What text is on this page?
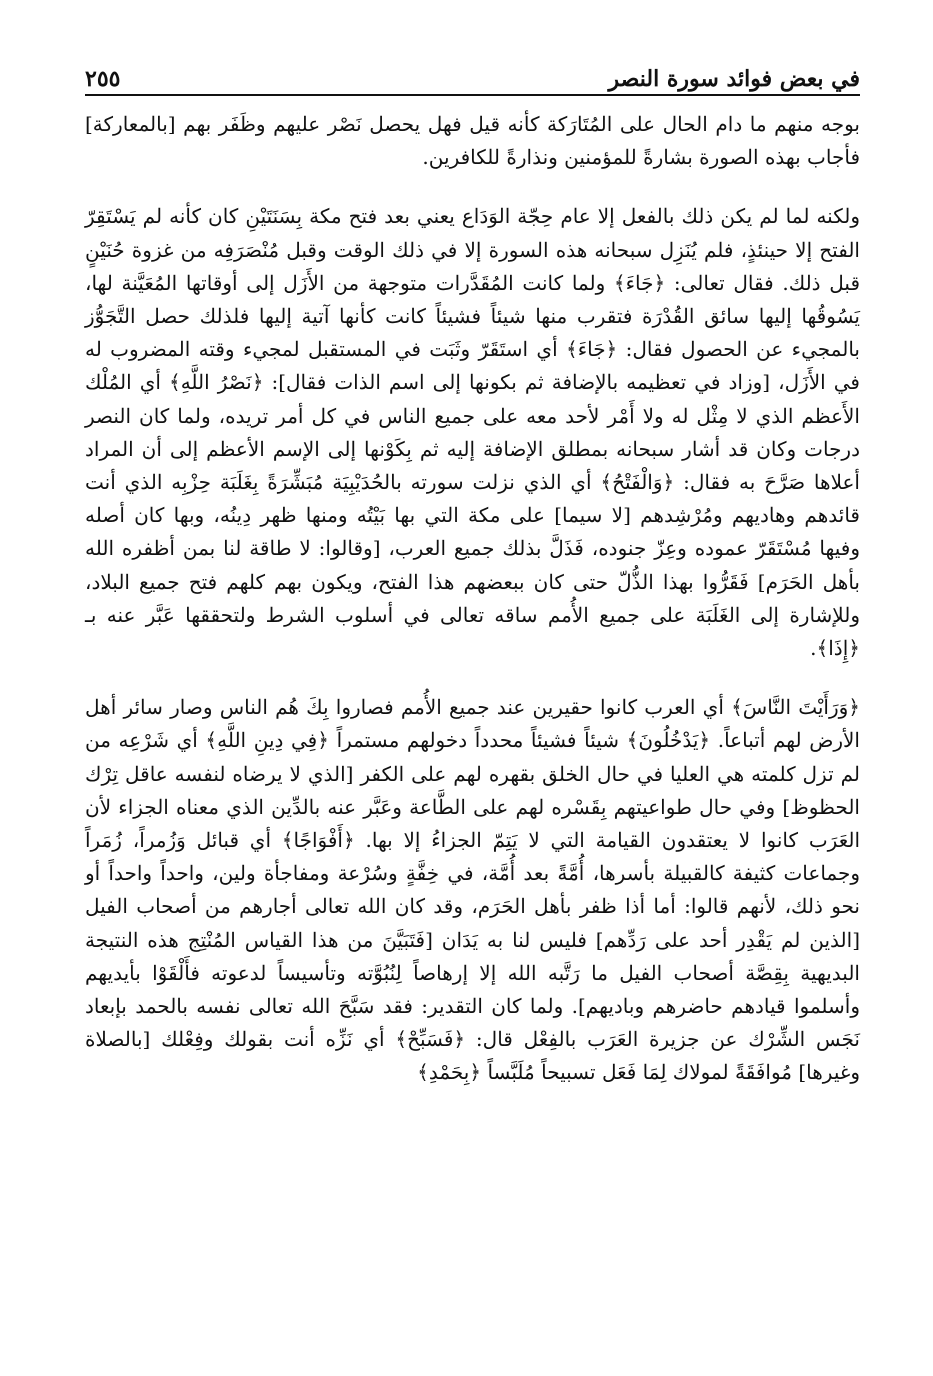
في بعض فوائد سورة النصر
٢٥٥

بوجه منهم ما دام الحال على المُتَارَكة كأنه قيل فهل يحصل نَصْر عليهم وظَفَر بهم [بالمعاركة] فأجاب بهذه الصورة بشارةً للمؤمنين ونذارةً للكافرين.

ولكنه لما لم يكن ذلك بالفعل إلا عام حِجّة الوَدَاع يعني بعد فتح مكة بِسَنَتَيْنِ كان كأنه لم يَسْتَقِرّ الفتح إلا حينئذٍ، فلم يُنَزِل سبحانه هذه السورة إلا في ذلك الوقت وقبل مُنْصَرَفِه من غزوة حُنَيْنٍ قبل ذلك. فقال تعالى: ﴿جَاءَ﴾ ولما كانت المُقَدَّرات متوجهة من الأَزَل إلى أوقاتها المُعَيَّنة لها، يَسُوقُها إليها سائق القُدْرَة فتقرب منها شيئاً فشيئاً كانت كأنها آتية إليها فلذلك حصل التَّجَوُّز بالمجيء عن الحصول فقال: ﴿جَاءَ﴾ أي استَقَرّ وثَبَت في المستقبل لمجيء وقته المضروب له في الأَزَل، [وزاد في تعظيمه بالإضافة ثم بكونها إلى اسم الذات فقال]: ﴿نَصْرُ اللَّهِ﴾ أي المُلْك الأَعظم الذي لا مِثْل له ولا أَمْر لأحد معه على جميع الناس في كل أمر تريده، ولما كان النصر درجات وكان قد أشار سبحانه بمطلق الإضافة إليه ثم بِكَوْنها إلى الإسم الأعظم إلى أن المراد أعلاها صَرَّحَ به فقال: ﴿وَالْفَتْحُ﴾ أي الذي نزلت سورته بالحُدَيْبِيَة مُبَشِّرَةً بِغَلَبَة حِزْبِه الذي أنت قائدهم وهاديهم ومُرْشِدهم [لا سيما] على مكة التي بها بَيْتُه ومنها ظهر دِينُه، وبها كان أصله وفيها مُسْتَقَرّ عموده وعِزّ جنوده، فَذَلَّ بذلك جميع العرب، [وقالوا: لا طاقة لنا بمن أظفره الله بأهل الحَرَم] فَقَرُّوا بهذا الذُّلّ حتى كان ببعضهم هذا الفتح، ويكون بهم كلهم فتح جميع البلاد، وللإشارة إلى الغَلَبَة على جميع الأُمم ساقه تعالى في أسلوب الشرط ولتحققها عَبَّر عنه بـ ﴿إِذَا﴾.

﴿وَرَأَيْتَ النَّاسَ﴾ أي العرب كانوا حقيرين عند جميع الأُمم فصاروا بِكَ هُم الناس وصار سائر أهل الأرض لهم أتباعاً. ﴿يَدْخُلُونَ﴾ شيئاً فشيئاً محدداً دخولهم مستمراً ﴿فِي دِينِ اللَّهِ﴾ أي شَرْعِه من لم تزل كلمته هي العليا في حال الخلق بقهره لهم على الكفر [الذي لا يرضاه لنفسه عاقل تِرْك الحظوظ] وفي حال طواعيتهم بِقَسْره لهم على الطَّاعة وعَبَّر عنه بالدِّين الذي معناه الجزاء لأن العَرَب كانوا لا يعتقدون القيامة التي لا يَتِمّ الجزاءُ إلا بها. ﴿أَفْوَاجًا﴾ أي قبائل وَزُمراً، زُمَراً وجماعات كثيفة كالقبيلة بأسرها، أُمَّةً بعد أُمَّة، في خِفَّةٍ وسُرْعة ومفاجأة ولين، واحداً واحداً أو نحو ذلك، لأنهم قالوا: أما أذا ظفر بأهل الحَرَم، وقد كان الله تعالى أجارهم من أصحاب الفيل [الذين لم يَقْدِر أحد على رَدِّهم] فليس لنا به يَدَان [فَتَبَيَّنَ من هذا القياس المُنْتِج هذه النتيجة البديهية بِقِصَّة أصحاب الفيل ما رَتَّبه الله إلا إرهاصاً لِنُبُوَّته وتأسيساً لدعوته فأَلْقَوْا بأيديهم وأسلموا قيادهم حاضرهم وباديهم]. ولما كان التقدير: فقد سَبَّحَ الله تعالى نفسه بالحمد بإبعاد نَجَس الشِّرْك عن جزيرة العَرَب بالفِعْل قال: ﴿فَسَبِّحْ﴾ أي نَزِّه أنت بقولك وفِعْلك [بالصلاة وغيرها] مُوافَقَةً لمولاك لِمَا فَعَل تسبيحاً مُلَبَّساً ﴿بِحَمْدِ﴾
